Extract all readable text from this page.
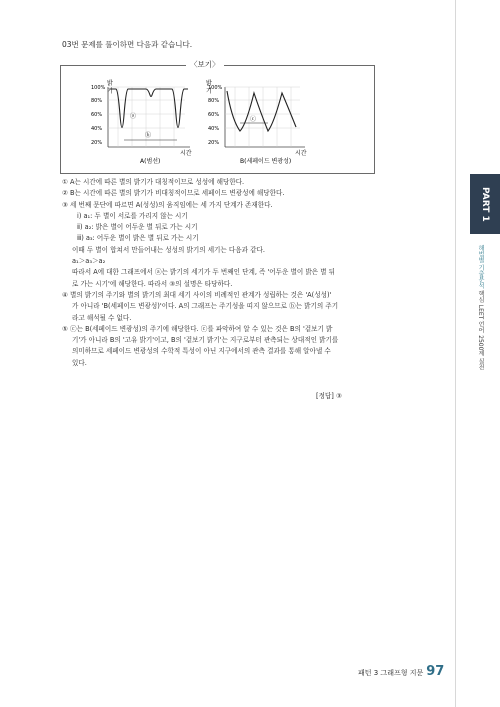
03번 문제를 풀이하면 다음과 같습니다.
〈보기〉
밝
기
100%
80%
60%
40%
20%
ⓐ
ⓑ
시간
A(범선)
밝
기
100%
80%
60%
40%
20%
ⓒ
시간
B(세페이드 변광성)

① A는 시간에 따른 별의 밝기가 대칭적이므로 성성에 해당한다.

② B는 시간에 따른 별의 밝기가 비대칭적이므로 세페이드 변광성에 해당한다.

③ 세 번째 문단에 따르면 A(성성)의 움직임에는 세 가지 단계가 존재한다.

ⅰ) a₁: 두 별이 서로를 가리지 않는 시기

ⅱ) a₂: 밝은 별이 어두운 별 뒤로 가는 시기

ⅲ) a₃: 어두운 별이 밝은 별 뒤로 가는 시기

이때 두 별이 합쳐서 만들어내는 성성의 밝기의 세기는 다음과 같다.

a₁＞a₃＞a₂

따라서 A에 대한 그래프에서 ⓐ는 밝기의 세기가 두 번째인 단계, 즉 '어두운 별이 밝은 별 뒤

로 가는 시기'에 해당한다. 따라서 ③의 설명은 타당하다.

④ 별의 밝기의 주기와 별의 밝기의 최대 세기 사이의 비례적인 관계가 성립하는 것은 'A(성성)'

가 아니라 'B(세페이드 변광성)'이다. A의 그래프는 주기성을 띠지 않으므로 ⓑ는 밝기의 주기

라고 해석될 수 없다.

⑤ ⓒ는 B(세페이드 변광성)의 주기에 해당한다. ⓒ를 파악하여 알 수 있는 것은 B의 '겉보기 밝

기'가 아니라 B의 '고유 밝기'이고, B의 '겉보기 밝기'는 지구로부터 관측되는 상대적인 밝기를

의미하므로 세페이드 변광성의 수학적 특성이 아닌 지구에서의 관측 결과를 통해 알아낼 수

있다.

[정답] ③
PART 1
해법별 기출분석 핵심 LEET 언어 2500제 실전
패턴 3 그래프형 지문 97
